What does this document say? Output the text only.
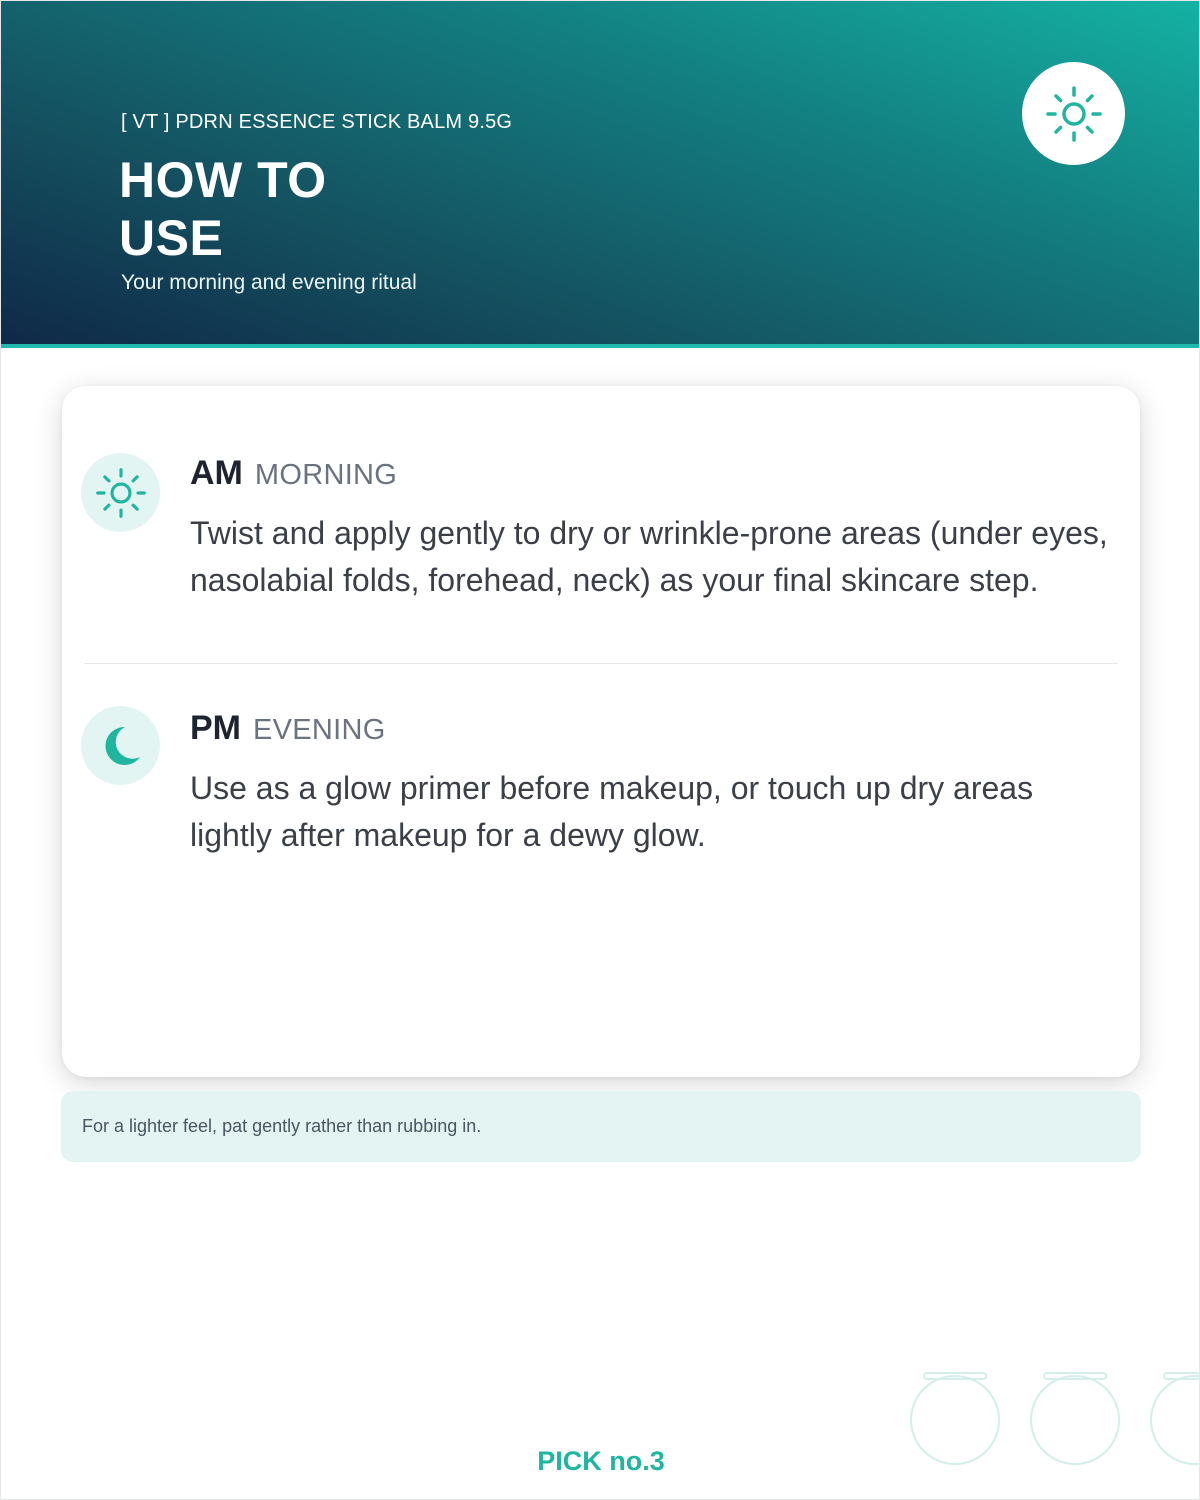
[ VT ] PDRN ESSENCE STICK BALM 9.5G
HOW TO
USE
Your morning and evening ritual
AM MORNING

Twist and apply gently to dry or wrinkle-prone areas (under eyes, nasolabial folds, forehead, neck) as your final skincare step.

PM EVENING

Use as a glow primer before makeup, or touch up dry areas lightly after makeup for a dewy glow.

For a lighter feel, pat gently rather than rubbing in.
PICK no.3
